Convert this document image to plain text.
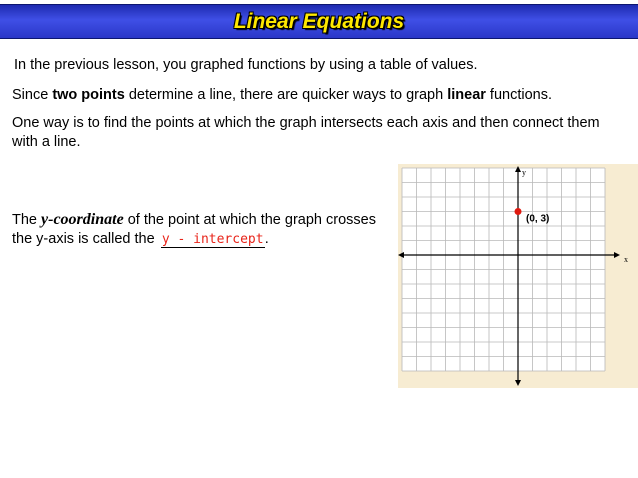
Linear Equations
In the previous lesson, you graphed functions by using a table of values.
Since two points determine a line, there are quicker ways to graph linear functions.
One way is to find the points at which the graph intersects each axis and then connect them with a line.
The y-coordinate of the point at which the graph crosses the y-axis is called the y - intercept.
y
x
(0, 3)
